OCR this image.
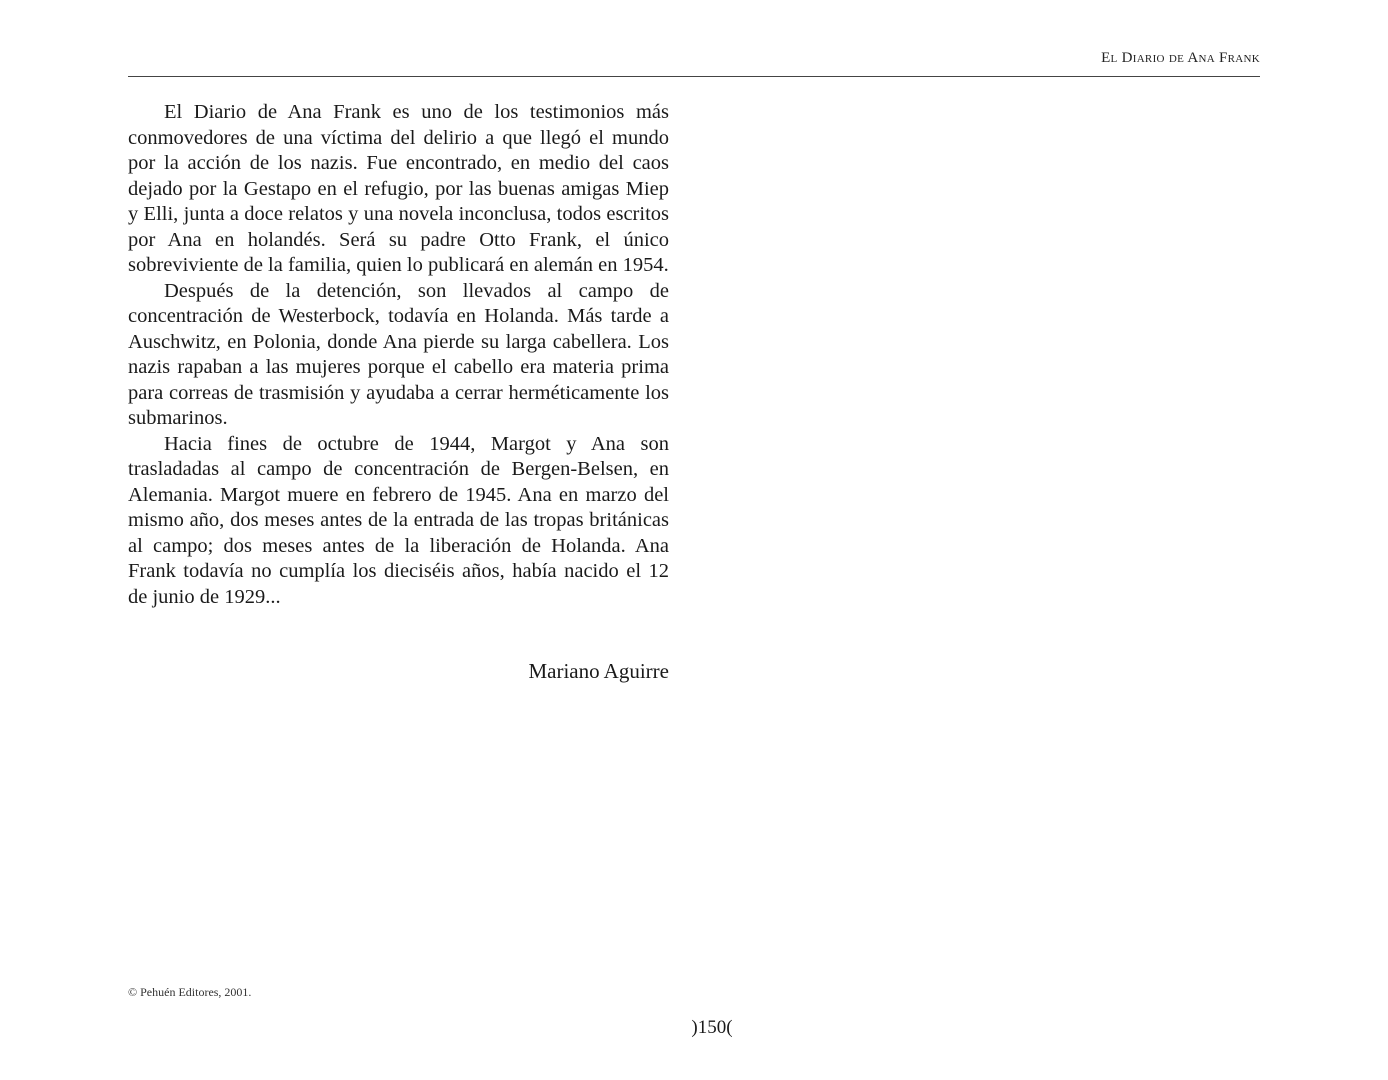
El Diario de Ana Frank

El Diario de Ana Frank es uno de los testimonios más conmovedores de una víctima del delirio a que llegó el mundo por la acción de los nazis. Fue encontrado, en medio del caos dejado por la Gestapo en el refugio, por las buenas amigas Miep y Elli, junta a doce relatos y una novela inconclusa, todos escritos por Ana en holandés. Será su padre Otto Frank, el único sobreviviente de la familia, quien lo publicará en alemán en 1954.

Después de la detención, son llevados al campo de concentración de Westerbock, todavía en Holanda. Más tarde a Auschwitz, en Polonia, donde Ana pierde su larga cabellera. Los nazis rapaban a las mujeres porque el cabello era materia prima para correas de trasmisión y ayudaba a cerrar herméticamente los submarinos.

Hacia fines de octubre de 1944, Margot y Ana son trasladadas al campo de concentración de Bergen-Belsen, en Alemania. Margot muere en febrero de 1945. Ana en marzo del mismo año, dos meses antes de la entrada de las tropas británicas al campo; dos meses antes de la liberación de Holanda. Ana Frank todavía no cumplía los dieciséis años, había nacido el 12 de junio de 1929...

Mariano Aguirre
© Pehuén Editores, 2001.
)150(
